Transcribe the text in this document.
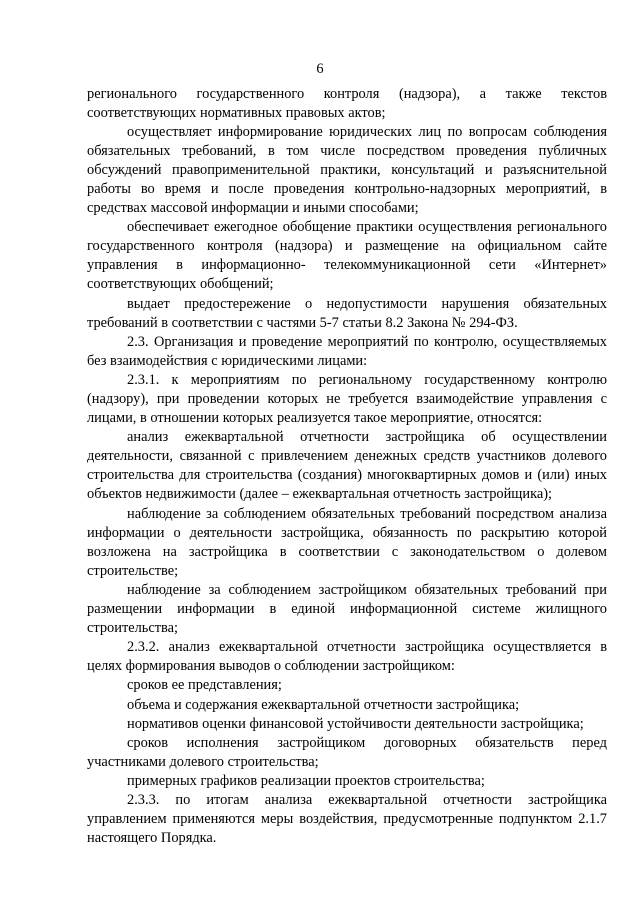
6

регионального государственного контроля (надзора), а также текстов соответствующих нормативных правовых актов;

осуществляет информирование юридических лиц по вопросам соблюдения обязательных требований, в том числе посредством проведения публичных обсуждений правоприменительной практики, консультаций и разъяснительной работы во время и после проведения контрольно-надзорных мероприятий, в средствах массовой информации и иными способами;

обеспечивает ежегодное обобщение практики осуществления регионального государственного контроля (надзора) и размещение на официальном сайте управления в информационно- телекоммуникационной сети «Интернет» соответствующих обобщений;

выдает предостережение о недопустимости нарушения обязательных требований в соответствии с частями 5-7 статьи 8.2 Закона № 294-ФЗ.

2.3. Организация и проведение мероприятий по контролю, осуществляемых без взаимодействия с юридическими лицами:

2.3.1. к мероприятиям по региональному государственному контролю (надзору), при проведении которых не требуется взаимодействие управления с лицами, в отношении которых реализуется такое мероприятие, относятся:

анализ ежеквартальной отчетности застройщика об осуществлении деятельности, связанной с привлечением денежных средств участников долевого строительства для строительства (создания) многоквартирных домов и (или) иных объектов недвижимости (далее – ежеквартальная отчетность застройщика);

наблюдение за соблюдением обязательных требований посредством анализа информации о деятельности застройщика, обязанность по раскрытию которой возложена на застройщика в соответствии с законодательством о долевом строительстве;

наблюдение за соблюдением застройщиком обязательных требований при размещении информации в единой информационной системе жилищного строительства;

2.3.2. анализ ежеквартальной отчетности застройщика осуществляется в целях формирования выводов о соблюдении застройщиком:

сроков ее представления;

объема и содержания ежеквартальной отчетности застройщика;

нормативов оценки финансовой устойчивости деятельности застройщика;

сроков исполнения застройщиком договорных обязательств перед участниками долевого строительства;

примерных графиков реализации проектов строительства;

2.3.3. по итогам анализа ежеквартальной отчетности застройщика управлением применяются меры воздействия, предусмотренные подпунктом 2.1.7 настоящего Порядка.
